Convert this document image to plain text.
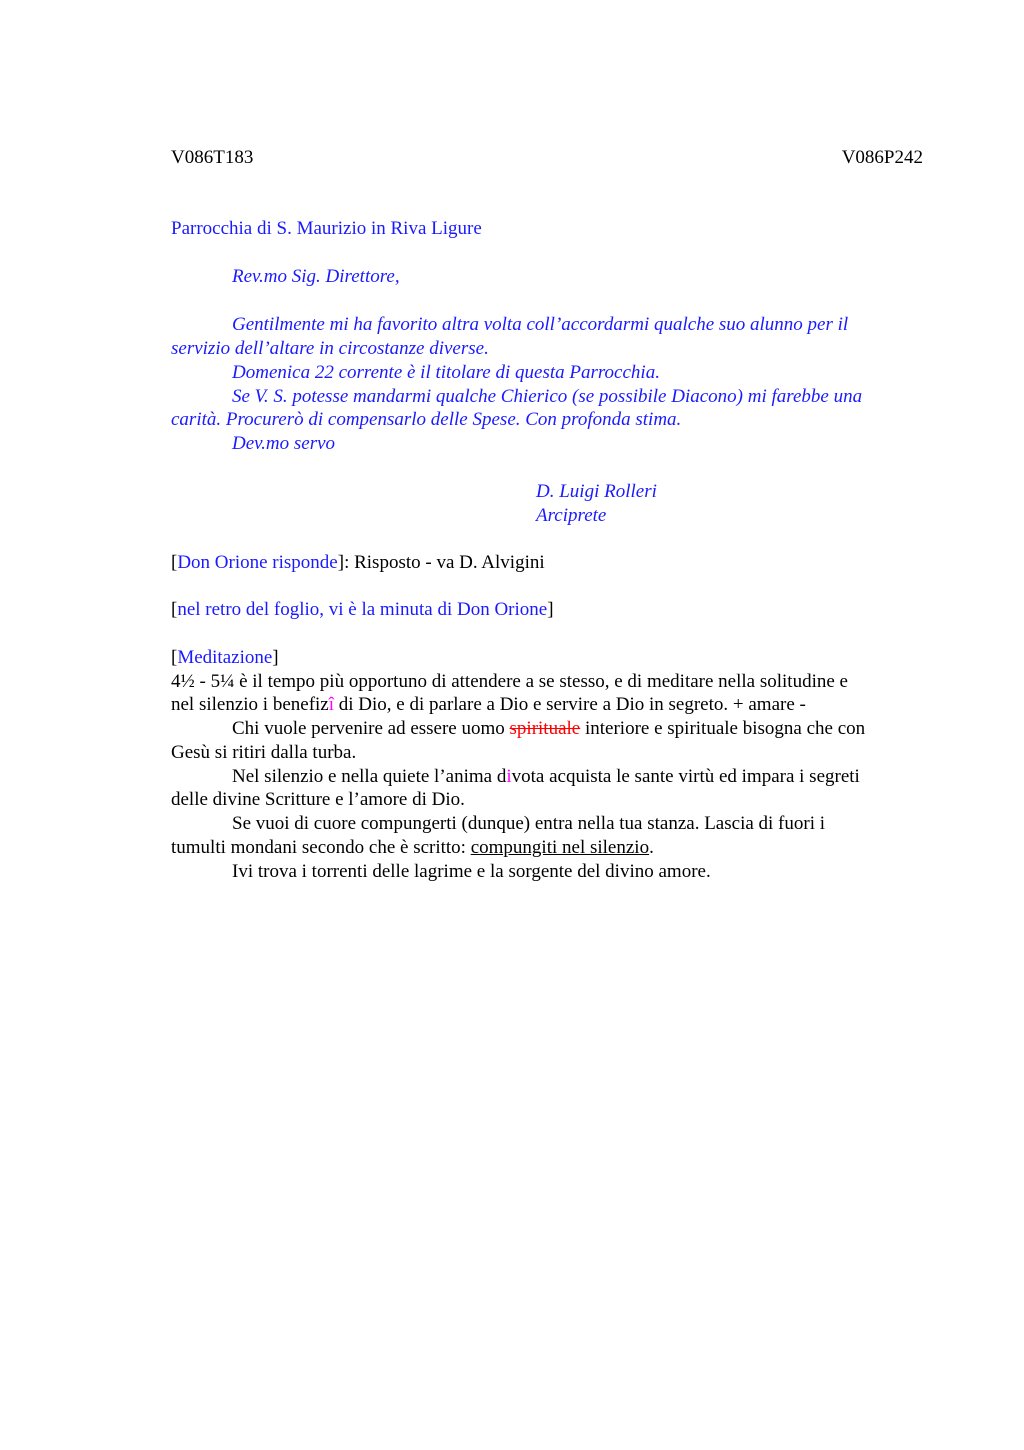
V086T183	V086P242
Parrocchia di S. Maurizio in Riva Ligure
Rev.mo Sig. Direttore,
Gentilmente mi ha favorito altra volta coll’accordarmi qualche suo alunno per il
servizio dell’altare in circostanze diverse.
Domenica 22 corrente è il titolare di questa Parrocchia.
Se V. S. potesse mandarmi qualche Chierico (se possibile Diacono) mi farebbe una
carità. Procurerò di compensarlo delle Spese. Con profonda stima.
Dev.mo servo
D. Luigi Rolleri
Arciprete
[Don Orione risponde]: Risposto - va D. Alvigini
[nel retro del foglio, vi è la minuta di Don Orione]
[Meditazione]
4½ - 5¼ è il tempo più opportuno di attendere a se stesso, e di meditare nella solitudine e
nel silenzio i benefizî di Dio, e di parlare a Dio e servire a Dio in segreto. + amare -
Chi vuole pervenire ad essere uomo spirituale interiore e spirituale bisogna che con
Gesù si ritiri dalla turba.
Nel silenzio e nella quiete l’anima divota acquista le sante virtù ed impara i segreti
delle divine Scritture e l’amore di Dio.
Se vuoi di cuore compungerti (dunque) entra nella tua stanza. Lascia di fuori i
tumulti mondani secondo che è scritto: compungiti nel silenzio.
Ivi trova i torrenti delle lagrime e la sorgente del divino amore.
